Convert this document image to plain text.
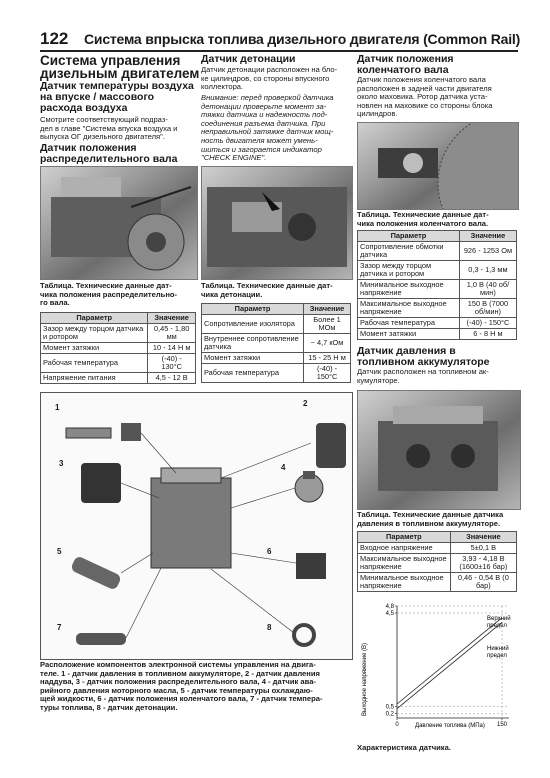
122 Система впрыска топлива дизельного двигателя (Common Rail)
Система управления
дизельным двигателем
Датчик температуры воздуха
на впуске / массового
расхода воздуха
Смотрите соответствующий подраз-
дел в главе "Система впуска воздуха и
выпуска ОГ дизельного двигателя".
Датчик положения
распределительного вала
Таблица. Технические данные дат-
чика положения распределительно-
го вала.
Параметр	Значение
Зазор между торцом датчика и ротором	0,45 - 1,80 мм
Момент затяжки	10 - 14 Н м
Рабочая температура	(-40) - 130°С
Напряжение питания	4,5 - 12 В
Датчик детонации
Датчик детонации расположен на бло-
ке цилиндров, со стороны впускного
коллектора.
Внимание: перед проверкой датчика
детонации проверьте момент за-
тяжки датчика и надежность под-
соединения разъема датчика. При
неправильной затяжке датчик мощ-
ность двигателя может умень-
шиться и загорается индикатор
"CHECK ENGINE".
Таблица. Технические данные дат-
чика детонации.
Параметр	Значение
Сопротивление изолятора	Более 1 МОм
Внутреннее сопротивление датчика	~ 4,7 кОм
Момент затяжки	15 - 25 Н м
Рабочая температура	(-40) - 150°С
Датчик положения
коленчатого вала
Датчик положения коленчатого вала
расположен в задней части двигателя
около маховика. Ротор датчика уста-
новлен на маховике со стороны блока
цилиндров.
Таблица. Технические данные дат-
чика положения коленчатого вала.
Параметр	Значение
Сопротивление обмотки датчика	926 - 1253 Ом
Зазор между торцом датчика и ротором	0,3 - 1,3 мм
Минимальное выходное напряжение	1,0 В (40 об/мин)
Максимальное выходное напряжение	150 В (7000 об/мин)
Рабочая температура	(-40) - 150°С
Момент затяжки	6 - 8 Н м
Датчик давления в
топливном аккумуляторе
Датчик расположен на топливном ак-
кумуляторе.
Таблица. Технические данные датчика
давления в топливном аккумуляторе.
Параметр	Значение
Входное напряжение	5±0,1 В
Максимальное выходное напряжение	3,93 - 4,18 В (1600±16 бар)
Минимальное выходное напряжение	0,46 - 0,54 В (0 бар)
Выходное напряжение (В)
4,8
4,5
0,5
0,2
0	150
Верхний предел
Нижний предел
Давление топлива (МПа)
Характеристика датчика.
1	2
3	4
5	6
7	8
Расположение компонентов электронной системы управления на двига-
теле. 1 - датчик давления в топливном аккумуляторе, 2 - датчик давления
наддува, 3 - датчик положения распределительного вала, 4 - датчик ава-
рийного давления моторного масла, 5 - датчик температуры охлаждаю-
щей жидкости, 6 - датчик положения коленчатого вала, 7 - датчик темпера-
туры топлива, 8 - датчик детонации.
